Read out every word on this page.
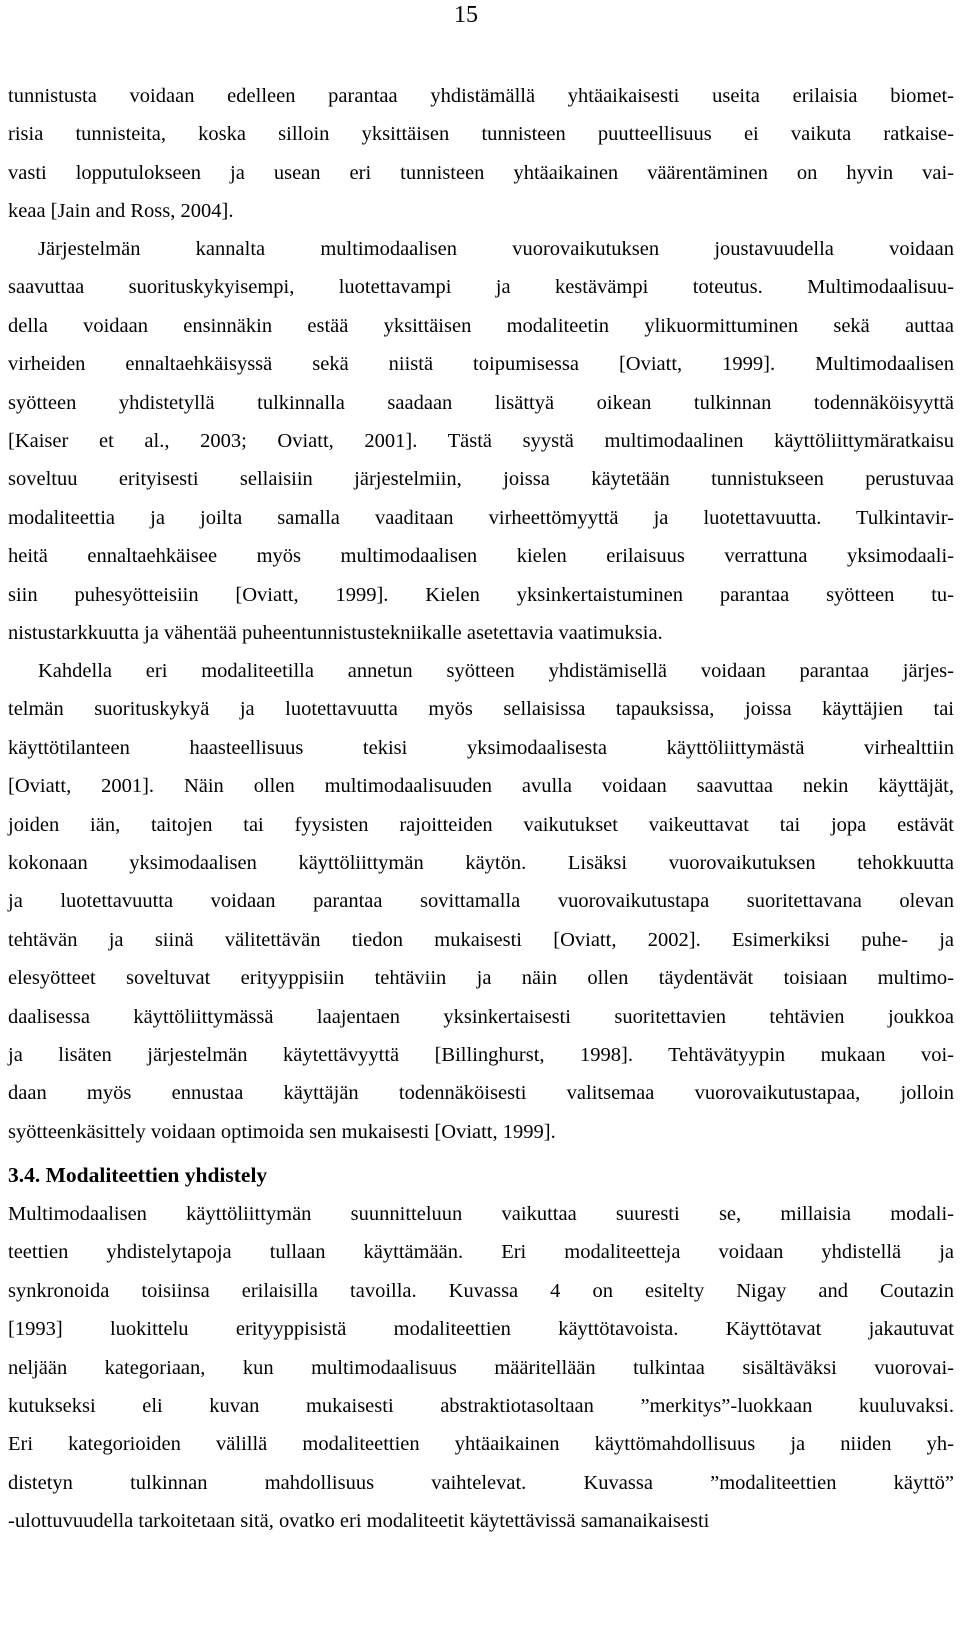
15
tunnistusta voidaan edelleen parantaa yhdistämällä yhtäaikaisesti useita erilaisia biomet-
risia tunnisteita, koska silloin yksittäisen tunnisteen puutteellisuus ei vaikuta ratkaise-
vasti lopputulokseen ja usean eri tunnisteen yhtäaikainen väärentäminen on hyvin vai-
keaa [Jain and Ross, 2004].
Järjestelmän kannalta multimodaalisen vuorovaikutuksen joustavuudella voidaan
saavuttaa suorituskykyisempi, luotettavampi ja kestävämpi toteutus. Multimodaalisuu-
della voidaan ensinnäkin estää yksittäisen modaliteetin ylikuormittuminen sekä auttaa
virheiden ennaltaehkäisyssä sekä niistä toipumisessa [Oviatt, 1999]. Multimodaalisen
syötteen yhdistetyllä tulkinnalla saadaan lisättyä oikean tulkinnan todennäköisyyttä
[Kaiser et al., 2003; Oviatt, 2001]. Tästä syystä multimodaalinen käyttöliittymäratkaisu
soveltuu erityisesti sellaisiin järjestelmiin, joissa käytetään tunnistukseen perustuvaa
modaliteettia ja joilta samalla vaaditaan virheettömyyttä ja luotettavuutta. Tulkintavir-
heitä ennaltaehkäisee myös multimodaalisen kielen erilaisuus verrattuna yksimodaali-
siin puhesyötteisiin [Oviatt, 1999]. Kielen yksinkertaistuminen parantaa syötteen tu-
nistustarkkuutta ja vähentää puheentunnistustekniikalle asetettavia vaatimuksia.
Kahdella eri modaliteetilla annetun syötteen yhdistämisellä voidaan parantaa järjes-
telmän suorituskykyä ja luotettavuutta myös sellaisissa tapauksissa, joissa käyttäjien tai
käyttötilanteen haasteellisuus tekisi yksimodaalisesta käyttöliittymästä virhealttiin
[Oviatt, 2001]. Näin ollen multimodaalisuuden avulla voidaan saavuttaa nekin käyttäjät,
joiden iän, taitojen tai fyysisten rajoitteiden vaikutukset vaikeuttavat tai jopa estävät
kokonaan yksimodaalisen käyttöliittymän käytön. Lisäksi vuorovaikutuksen tehokkuutta
ja luotettavuutta voidaan parantaa sovittamalla vuorovaikutustapa suoritettavana olevan
tehtävän ja siinä välitettävän tiedon mukaisesti [Oviatt, 2002]. Esimerkiksi puhe- ja
elesyötteet soveltuvat erityyppisiin tehtäviin ja näin ollen täydentävät toisiaan multimo-
daalisessa käyttöliittymässä laajentaen yksinkertaisesti suoritettavien tehtävien joukkoa
ja lisäten järjestelmän käytettävyyttä [Billinghurst, 1998]. Tehtävätyypin mukaan voi-
daan myös ennustaa käyttäjän todennäköisesti valitsemaa vuorovaikutustapaa, jolloin
syötteenkäsittely voidaan optimoida sen mukaisesti [Oviatt, 1999].
3.4. Modaliteettien yhdistely
Multimodaalisen käyttöliittymän suunnitteluun vaikuttaa suuresti se, millaisia modali-
teettien yhdistelytapoja tullaan käyttämään. Eri modaliteetteja voidaan yhdistellä ja
synkronoida toisiinsa erilaisilla tavoilla. Kuvassa 4 on esitelty Nigay and Coutazin
[1993] luokittelu erityyppisistä modaliteettien käyttötavoista. Käyttötavat jakautuvat
neljään kategoriaan, kun multimodaalisuus määritellään tulkintaa sisältäväksi vuorovai-
kutukseksi eli kuvan mukaisesti abstraktiotasoltaan ”merkitys”-luokkaan kuuluvaksi.
Eri kategorioiden välillä modaliteettien yhtäaikainen käyttömahdollisuus ja niiden yh-
distetyn tulkinnan mahdollisuus vaihtelevat. Kuvassa ”modaliteettien käyttö”
-ulottuvuudella tarkoitetaan sitä, ovatko eri modaliteetit käytettävissä samanaikaisesti
